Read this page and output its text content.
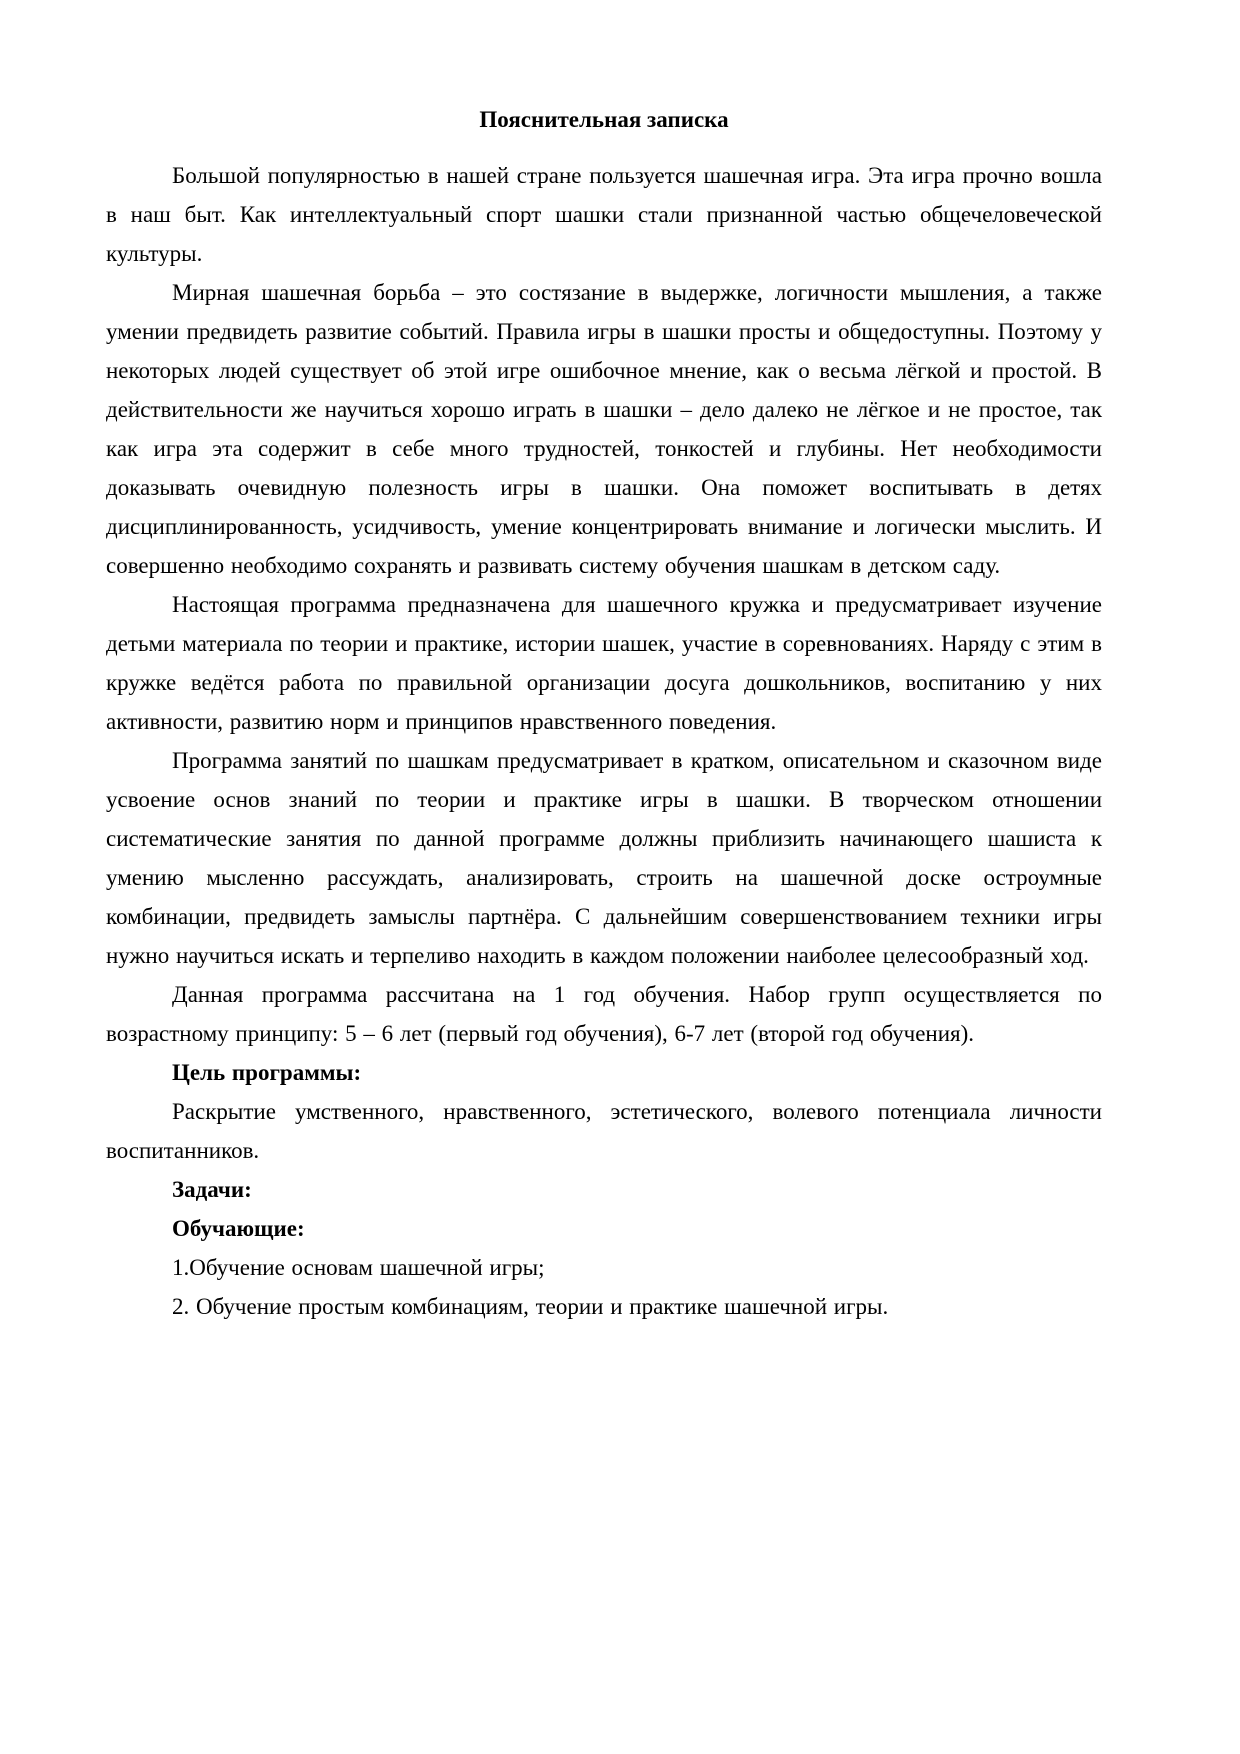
Пояснительная записка

Большой популярностью в нашей стране пользуется шашечная игра. Эта игра прочно вошла в наш быт. Как интеллектуальный спорт шашки стали признанной частью общечеловеческой культуры.

Мирная шашечная борьба – это состязание в выдержке, логичности мышления, а также умении предвидеть развитие событий. Правила игры в шашки просты и общедоступны. Поэтому у некоторых людей существует об этой игре ошибочное мнение, как о весьма лёгкой и простой. В действительности же научиться хорошо играть в шашки – дело далеко не лёгкое и не простое, так как игра эта содержит в себе много трудностей, тонкостей и глубины. Нет необходимости доказывать очевидную полезность игры в шашки. Она поможет воспитывать в детях дисциплинированность, усидчивость, умение концентрировать внимание и логически мыслить. И совершенно необходимо сохранять и развивать систему обучения шашкам в детском саду.

Настоящая программа предназначена для шашечного кружка и предусматривает изучение детьми материала по теории и практике, истории шашек, участие в соревнованиях. Наряду с этим в кружке ведётся работа по правильной организации досуга дошкольников, воспитанию у них активности, развитию норм и принципов нравственного поведения.

Программа занятий по шашкам предусматривает в кратком, описательном и сказочном виде усвоение основ знаний по теории и практике игры в шашки. В творческом отношении систематические занятия по данной программе должны приблизить начинающего шашиста к умению мысленно рассуждать, анализировать, строить на шашечной доске остроумные комбинации, предвидеть замыслы партнёра. С дальнейшим совершенствованием техники игры нужно научиться искать и терпеливо находить в каждом положении наиболее целесообразный ход.

Данная программа рассчитана на 1 год обучения. Набор групп осуществляется по возрастному принципу: 5 – 6 лет (первый год обучения), 6-7 лет (второй год обучения).

Цель программы:

Раскрытие умственного, нравственного, эстетического, волевого потенциала личности воспитанников.

Задачи:

Обучающие:

1.Обучение основам шашечной игры;

2. Обучение простым комбинациям, теории и практике шашечной игры.
